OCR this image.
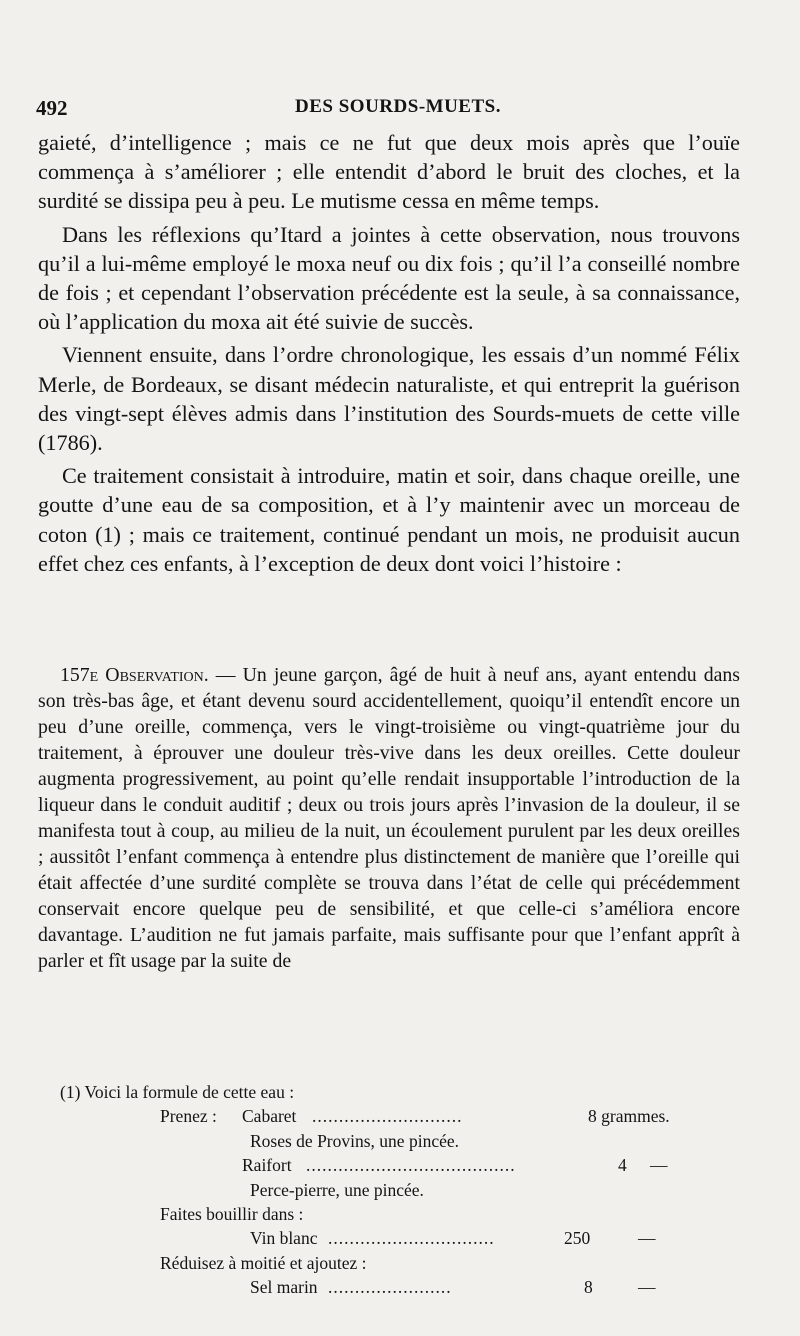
492	DES SOURDS-MUETS.

gaieté, d’intelligence ; mais ce ne fut que deux mois après que l’ouïe commença à s’améliorer ; elle entendit d’abord le bruit des cloches, et la surdité se dissipa peu à peu. Le mutisme cessa en même temps.

Dans les réflexions qu’Itard a jointes à cette observation, nous trouvons qu’il a lui-même employé le moxa neuf ou dix fois ; qu’il l’a conseillé nombre de fois ; et cependant l’observation précédente est la seule, à sa connaissance, où l’application du moxa ait été suivie de succès.

Viennent ensuite, dans l’ordre chronologique, les essais d’un nommé Félix Merle, de Bordeaux, se disant médecin naturaliste, et qui entreprit la guérison des vingt-sept élèves admis dans l’institution des Sourds-muets de cette ville (1786).

Ce traitement consistait à introduire, matin et soir, dans chaque oreille, une goutte d’une eau de sa composition, et à l’y maintenir avec un morceau de coton (1) ; mais ce traitement, continué pendant un mois, ne produisit aucun effet chez ces enfants, à l’exception de deux dont voici l’histoire :

157e Observation. — Un jeune garçon, âgé de huit à neuf ans, ayant entendu dans son très-bas âge, et étant devenu sourd accidentellement, quoiqu’il entendît encore un peu d’une oreille, commença, vers le vingt-troisième ou vingt-quatrième jour du traitement, à éprouver une douleur très-vive dans les deux oreilles. Cette douleur augmenta progressivement, au point qu’elle rendait insupportable l’introduction de la liqueur dans le conduit auditif ; deux ou trois jours après l’invasion de la douleur, il se manifesta tout à coup, au milieu de la nuit, un écoulement purulent par les deux oreilles ; aussitôt l’enfant commença à entendre plus distinctement de manière que l’oreille qui était affectée d’une surdité complète se trouva dans l’état de celle qui précédemment conservait encore quelque peu de sensibilité, et que celle-ci s’améliora encore davantage. L’audition ne fut jamais parfaite, mais suffisante pour que l’enfant apprît à parler et fît usage par la suite de
(1) Voici la formule de cette eau :
Prenez : Cabaret ............................	8 grammes.
Roses de Provins, une pincée.
Raifort .......................................	4 —
Perce-pierre, une pincée.
Faites bouillir dans :
Vin blanc ...............................	250	—
Réduisez à moitié et ajoutez :
Sel marin .......................	8	—
